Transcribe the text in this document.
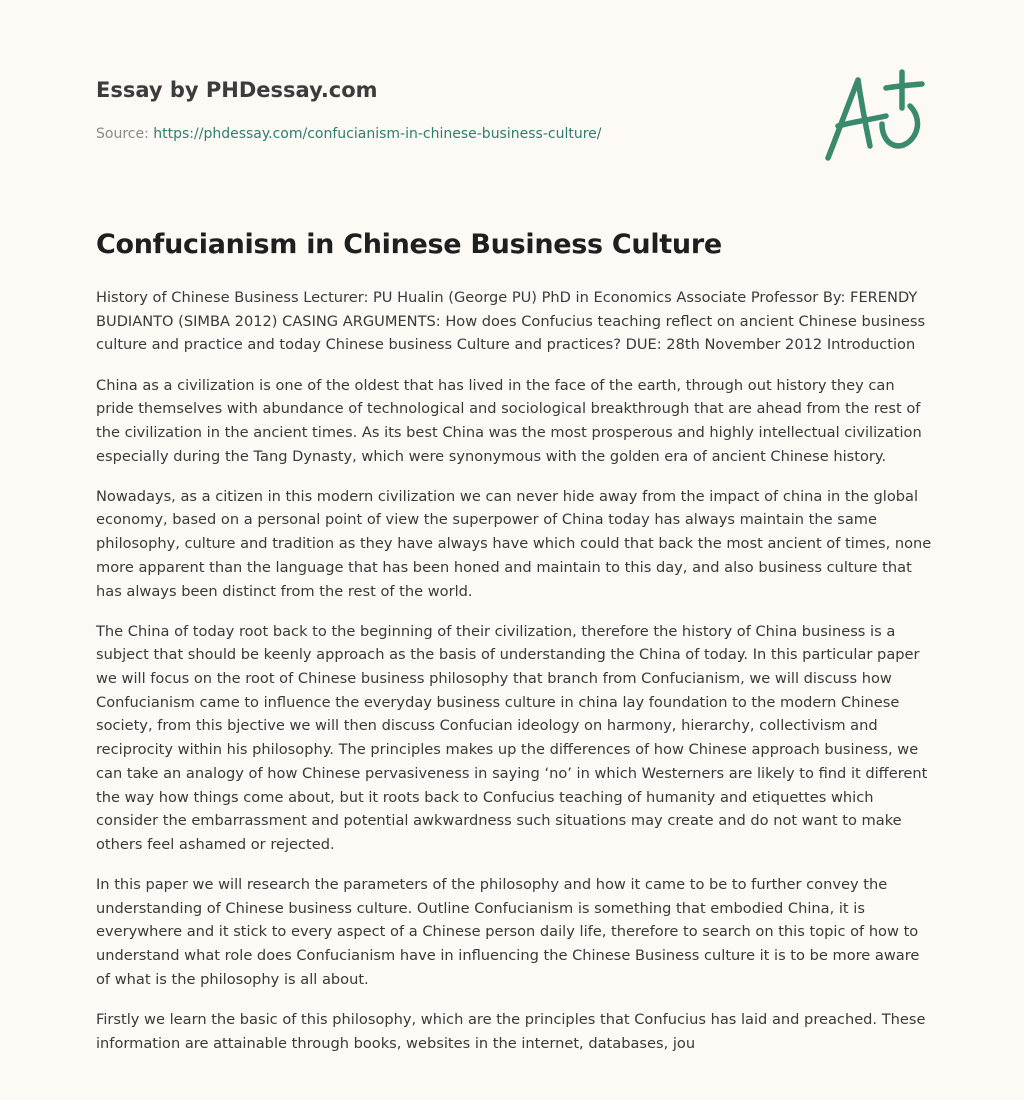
Essay by PHDessay.com
Source: https://phdessay.com/confucianism-in-chinese-business-culture/
Confucianism in Chinese Business Culture

History of Chinese Business Lecturer: PU Hualin (George PU) PhD in Economics Associate Professor By: FERENDY BUDIANTO (SIMBA 2012) CASING ARGUMENTS: How does Confucius teaching reflect on ancient Chinese business culture and practice and today Chinese business Culture and practices? DUE: 28th November 2012 Introduction

China as a civilization is one of the oldest that has lived in the face of the earth, through out history they can pride themselves with abundance of technological and sociological breakthrough that are ahead from the rest of the civilization in the ancient times. As its best China was the most prosperous and highly intellectual civilization especially during the Tang Dynasty, which were synonymous with the golden era of ancient Chinese history.

Nowadays, as a citizen in this modern civilization we can never hide away from the impact of china in the global economy, based on a personal point of view the superpower of China today has always maintain the same philosophy, culture and tradition as they have always have which could that back the most ancient of times, none more apparent than the language that has been honed and maintain to this day, and also business culture that has always been distinct from the rest of the world.

The China of today root back to the beginning of their civilization, therefore the history of China business is a subject that should be keenly approach as the basis of understanding the China of today. In this particular paper we will focus on the root of Chinese business philosophy that branch from Confucianism, we will discuss how Confucianism came to influence the everyday business culture in china lay foundation to the modern Chinese society, from this bjective we will then discuss Confucian ideology on harmony, hierarchy, collectivism and reciprocity within his philosophy. The principles makes up the differences of how Chinese approach business, we can take an analogy of how Chinese pervasiveness in saying ‘no’ in which Westerners are likely to find it different the way how things come about, but it roots back to Confucius teaching of humanity and etiquettes which consider the embarrassment and potential awkwardness such situations may create and do not want to make others feel ashamed or rejected.

In this paper we will research the parameters of the philosophy and how it came to be to further convey the understanding of Chinese business culture. Outline Confucianism is something that embodied China, it is everywhere and it stick to every aspect of a Chinese person daily life, therefore to search on this topic of how to understand what role does Confucianism have in influencing the Chinese Business culture it is to be more aware of what is the philosophy is all about.

Firstly we learn the basic of this philosophy, which are the principles that Confucius has laid and preached. These information are attainable through books, websites in the internet, databases, jou
